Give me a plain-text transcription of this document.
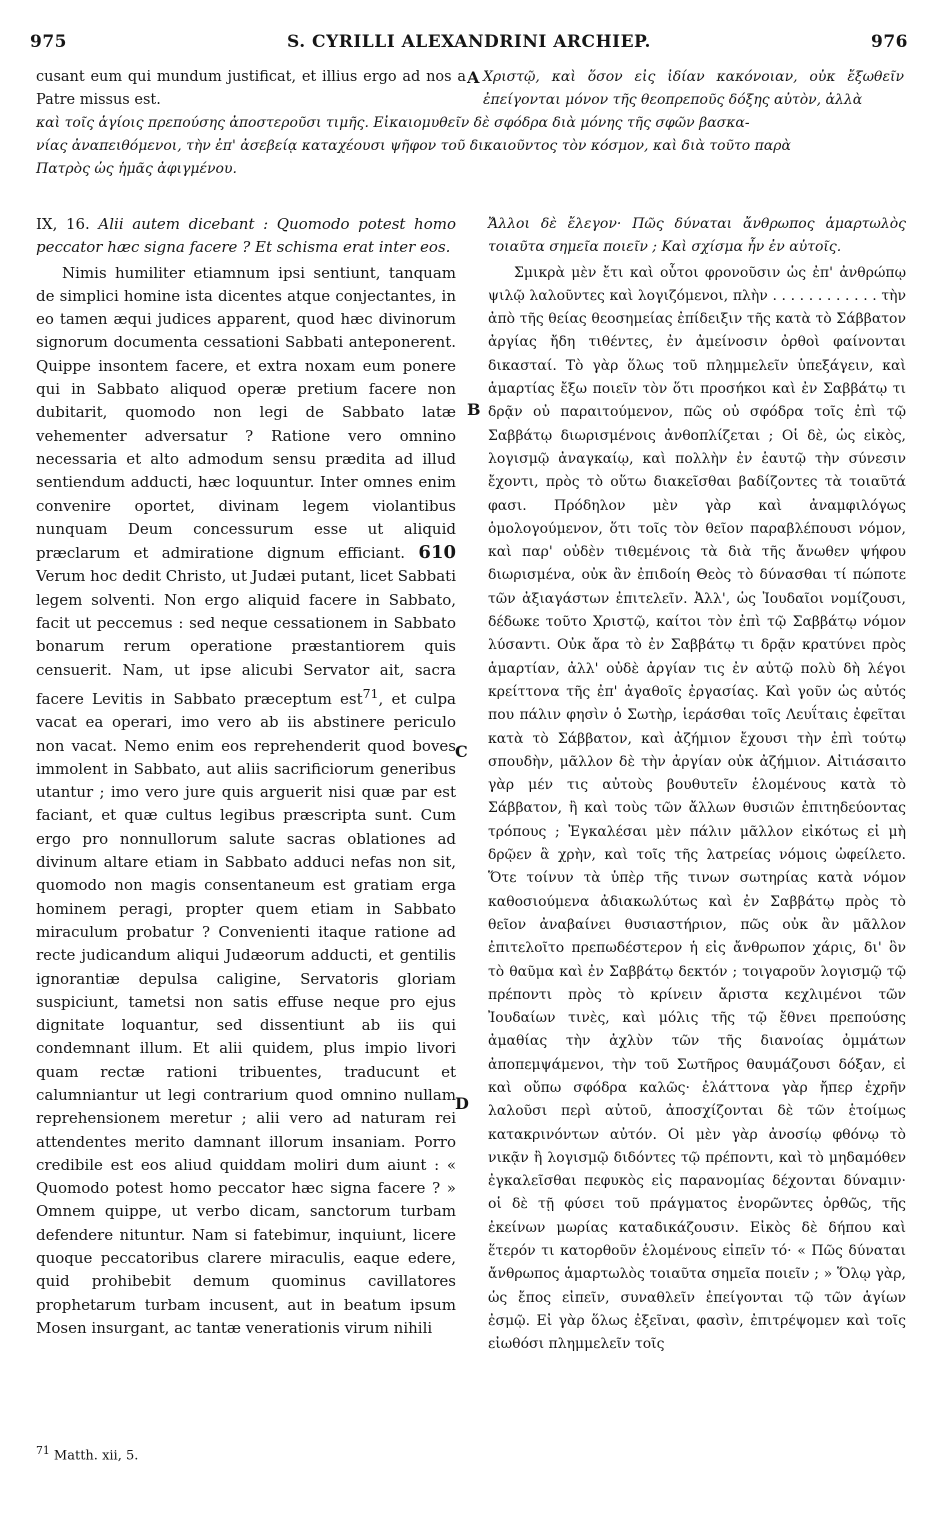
975	S. CYRILLI ALEXANDRINI ARCHIEP.	976

cusant eum qui mundum justificat, et illius ergo ad nos a Patre missus est.

Χριστῷ, καὶ ὅσον εἰς ἰδίαν κακόνοιαν, οὐκ ἔξωθεῖν
ἐπείγονται μόνον τῆς θεοπρεποῦς δόξης αὐτὸν, ἀλλὰ

καὶ τοῖς ἁγίοις πρεπούσης ἀποστεροῦσι τιμῆς. Εἰκαιομυθεῖν δὲ σφόδρα διὰ μόνης τῆς σφῶν βασκα-

νίας ἀναπειθόμενοι, τὴν ἐπ' ἀσεβείᾳ καταχέουσι ψῆφον τοῦ δικαιοῦντος τὸν κόσμον, καὶ διὰ τοῦτο παρὰ

Πατρὸς ὡς ἡμᾶς ἀφιγμένου.

A
B
C
D

IX, 16. Alii autem dicebant : Quomodo potest homo peccator hæc signa facere ? Et schisma erat inter eos.

Nimis humiliter etiamnum ipsi sentiunt, tanquam de simplici homine ista dicentes atque conjectantes, in eo tamen æqui judices apparent, quod hæc divinorum signorum documenta cessationi Sabbati anteponerent. Quippe insontem facere, et extra noxam eum ponere qui in Sabbato aliquod operæ pretium facere non dubitarit, quomodo non legi de Sabbato latæ vehementer adversatur ? Ratione vero omnino necessaria et alto admodum sensu prædita ad illud sentiendum adducti, hæc loquuntur. Inter omnes enim convenire oportet, divinam legem violantibus nunquam Deum concessurum esse ut aliquid præclarum et admiratione dignum efficiant. 610 Verum hoc dedit Christo, ut Judæi putant, licet Sabbati legem solventi. Non ergo aliquid facere in Sabbato, facit ut peccemus : sed neque cessationem in Sabbato bonarum rerum operatione præstantiorem quis censuerit. Nam, ut ipse alicubi Servator ait, sacra facere Levitis in Sabbato præceptum est$^{71}$, et culpa vacat ea operari, imo vero ab iis abstinere periculo non vacat. Nemo enim eos reprehenderit quod boves immolent in Sabbato, aut aliis sacrificiorum generibus utantur ; imo vero jure quis arguerit nisi quæ par est faciant, et quæ cultus legibus præscripta sunt. Cum ergo pro nonnullorum salute sacras oblationes ad divinum altare etiam in Sabbato adduci nefas non sit, quomodo non magis consentaneum est gratiam erga hominem peragi, propter quem etiam in Sabbato miraculum probatur ? Convenienti itaque ratione ad recte judicandum aliqui Judæorum adducti, et gentilis ignorantiæ depulsa caligine, Servatoris gloriam suspiciunt, tametsi non satis effuse neque pro ejus dignitate loquantur, sed dissentiunt ab iis qui condemnant illum. Et alii quidem, plus impio livori quam rectæ rationi tribuentes, traducunt et calumniantur ut legi contrarium quod omnino nullam reprehensionem meretur ; alii vero ad naturam rei attendentes merito damnant illorum insaniam. Porro credibile est eos aliud quiddam moliri dum aiunt : « Quomodo potest homo peccator hæc signa facere ? » Omnem quippe, ut verbo dicam, sanctorum turbam defendere nituntur. Nam si fatebimur, inquiunt, licere quoque peccatoribus clarere miraculis, eaque edere, quid prohibebit demum quominus cavillatores prophetarum turbam incusent, aut in beatum ipsum Mosen insurgant, ac tantæ venerationis virum nihili

Ἄλλοι δὲ ἔλεγον· Πῶς δύναται ἄνθρωπος ἁμαρτωλὸς τοιαῦτα σημεῖα ποιεῖν ; Καὶ σχίσμα ἦν ἐν αὐτοῖς.

Σμικρὰ μὲν ἔτι καὶ οὗτοι φρονοῦσιν ὡς ἐπ' ἀνθρώπῳ ψιλῷ λαλοῦντες καὶ λογιζόμενοι, πλὴν . . . . . . . . . . . . τὴν ἀπὸ τῆς θείας θεοσημείας ἐπίδειξιν τῆς κατὰ τὸ Σάββατον ἀργίας ἤδη τιθέντες, ἐν ἀμείνοσιν ὀρθοὶ φαίνονται δικασταί. Τὸ γὰρ ὅλως τοῦ πλημμελεῖν ὑπεξάγειν, καὶ ἁμαρτίας ἔξω ποιεῖν τὸν ὅτι προσήκοι καὶ ἐν Σαββάτῳ τι δρᾷν οὐ παραιτούμενον, πῶς οὐ σφόδρα τοῖς ἐπὶ τῷ Σαββάτῳ διωρισμένοις ἀνθοπλίζεται ; Οἱ δὲ, ὡς εἰκὸς, λογισμῷ ἀναγκαίῳ, καὶ πολλὴν ἐν ἑαυτῷ τὴν σύνεσιν ἔχοντι, πρὸς τὸ οὕτω διακεῖσθαι βαδίζοντες τὰ τοιαῦτά φασι. Πρόδηλον μὲν γὰρ καὶ ἀναμφιλόγως ὁμολογούμενον, ὅτι τοῖς τὸν θεῖον παραβλέπουσι νόμον, καὶ παρ' οὐδὲν τιθεμένοις τὰ διὰ τῆς ἄνωθεν ψήφου διωρισμένα, οὐκ ἂν ἐπιδοίη Θεὸς τὸ δύνασθαι τί πώποτε τῶν ἀξιαγάστων ἐπιτελεῖν. Ἀλλ', ὡς Ἰουδαῖοι νομίζουσι, δέδωκε τοῦτο Χριστῷ, καίτοι τὸν ἐπὶ τῷ Σαββάτῳ νόμον λύσαντι. Οὐκ ἄρα τὸ ἐν Σαββάτῳ τι δρᾷν κρατύνει πρὸς ἁμαρτίαν, ἀλλ' οὐδὲ ἀργίαν τις ἐν αὐτῷ πολὺ δὴ λέγοι κρείττονα τῆς ἐπ' ἀγαθοῖς ἐργασίας. Καὶ γοῦν ὡς αὐτός που πάλιν φησὶν ὁ Σωτὴρ, ἱεράσθαι τοῖς Λευΐταις ἐφεῖται κατὰ τὸ Σάββατον, καὶ ἀζήμιον ἔχουσι τὴν ἐπὶ τούτῳ σπουδὴν, μᾶλλον δὲ τὴν ἀργίαν οὐκ ἀζήμιον. Αἰτιάσαιτο γὰρ μέν τις αὐτοὺς βουθυτεῖν ἑλομένους κατὰ τὸ Σάββατον, ἢ καὶ τοὺς τῶν ἄλλων θυσιῶν ἐπιτηδεύοντας τρόπους ; Ἐγκαλέσαι μὲν πάλιν μᾶλλον εἰκότως εἰ μὴ δρῷεν ἃ χρὴν, καὶ τοῖς τῆς λατρείας νόμοις ὠφείλετο. Ὅτε τοίνυν τὰ ὑπὲρ τῆς τινων σωτηρίας κατὰ νόμον καθοσιούμενα ἀδιακωλύτως καὶ ἐν Σαββάτῳ πρὸς τὸ θεῖον ἀναβαίνει θυσιαστήριον, πῶς οὐκ ἂν μᾶλλον ἐπιτελοῖτο πρεπωδέστερον ἡ εἰς ἄνθρωπον χάρις, δι' ὃν τὸ θαῦμα καὶ ἐν Σαββάτῳ δεκτόν ; τοιγαροῦν λογισμῷ τῷ πρέποντι πρὸς τὸ κρίνειν ἄριστα κεχλιμένοι τῶν Ἰουδαίων τινὲς, καὶ μόλις τῆς τῷ ἔθνει πρεπούσης ἀμαθίας τὴν ἀχλὺν τῶν τῆς διανοίας ὀμμάτων ἀποπεμψάμενοι, τὴν τοῦ Σωτῆρος θαυμάζουσι δόξαν, εἰ καὶ οὔπω σφόδρα καλῶς· ἐλάττονα γὰρ ἤπερ ἐχρῆν λαλοῦσι περὶ αὐτοῦ, ἀποσχίζονται δὲ τῶν ἑτοίμως κατακρινόντων αὐτόν. Οἱ μὲν γὰρ ἀνοσίῳ φθόνῳ τὸ νικᾷν ἢ λογισμῷ διδόντες τῷ πρέποντι, καὶ τὸ μηδαμόθεν ἐγκαλεῖσθαι πεφυκὸς εἰς παρανομίας δέχονται δύναμιν· οἱ δὲ τῇ φύσει τοῦ πράγματος ἐνορῶντες ὀρθῶς, τῆς ἐκείνων μωρίας καταδικάζουσιν. Εἰκὸς δὲ δήπου καὶ ἕτερόν τι κατορθοῦν ἑλομένους εἰπεῖν τό· « Πῶς δύναται ἄνθρωπος ἁμαρτωλὸς τοιαῦτα σημεῖα ποιεῖν ; » Ὅλῳ γὰρ, ὡς ἔπος εἰπεῖν, συναθλεῖν ἐπείγονται τῷ τῶν ἁγίων ἐσμῷ. Εἰ γὰρ ὅλως ἐξεῖναι, φασὶν, ἐπιτρέψομεν καὶ τοῖς εἰωθόσι πλημμελεῖν τοῖς

$^{71}$ Matth. xii, 5.
